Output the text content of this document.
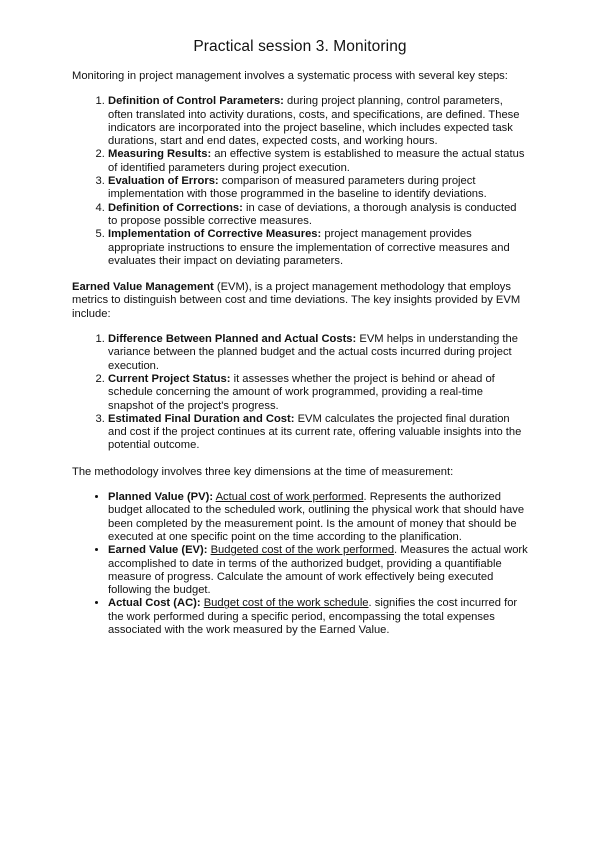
Practical session 3. Monitoring

Monitoring in project management involves a systematic process with several key steps:

1. Definition of Control Parameters: during project planning, control parameters, often translated into activity durations, costs, and specifications, are defined. These indicators are incorporated into the project baseline, which includes expected task durations, start and end dates, expected costs, and working hours.
2. Measuring Results: an effective system is established to measure the actual status of identified parameters during project execution.
3. Evaluation of Errors: comparison of measured parameters during project implementation with those programmed in the baseline to identify deviations.
4. Definition of Corrections: in case of deviations, a thorough analysis is conducted to propose possible corrective measures.
5. Implementation of Corrective Measures: project management provides appropriate instructions to ensure the implementation of corrective measures and evaluates their impact on deviating parameters.

Earned Value Management (EVM), is a project management methodology that employs metrics to distinguish between cost and time deviations. The key insights provided by EVM include:

1. Difference Between Planned and Actual Costs: EVM helps in understanding the variance between the planned budget and the actual costs incurred during project execution.
2. Current Project Status: it assesses whether the project is behind or ahead of schedule concerning the amount of work programmed, providing a real-time snapshot of the project's progress.
3. Estimated Final Duration and Cost: EVM calculates the projected final duration and cost if the project continues at its current rate, offering valuable insights into the potential outcome.

The methodology involves three key dimensions at the time of measurement:

• Planned Value (PV): Actual cost of work performed. Represents the authorized budget allocated to the scheduled work, outlining the physical work that should have been completed by the measurement point. Is the amount of money that should be executed at one specific point on the time according to the planification.
• Earned Value (EV): Budgeted cost of the work performed. Measures the actual work accomplished to date in terms of the authorized budget, providing a quantifiable measure of progress. Calculate the amount of work effectively being executed following the budget.
• Actual Cost (AC): Budget cost of the work schedule. signifies the cost incurred for the work performed during a specific period, encompassing the total expenses associated with the work measured by the Earned Value.
